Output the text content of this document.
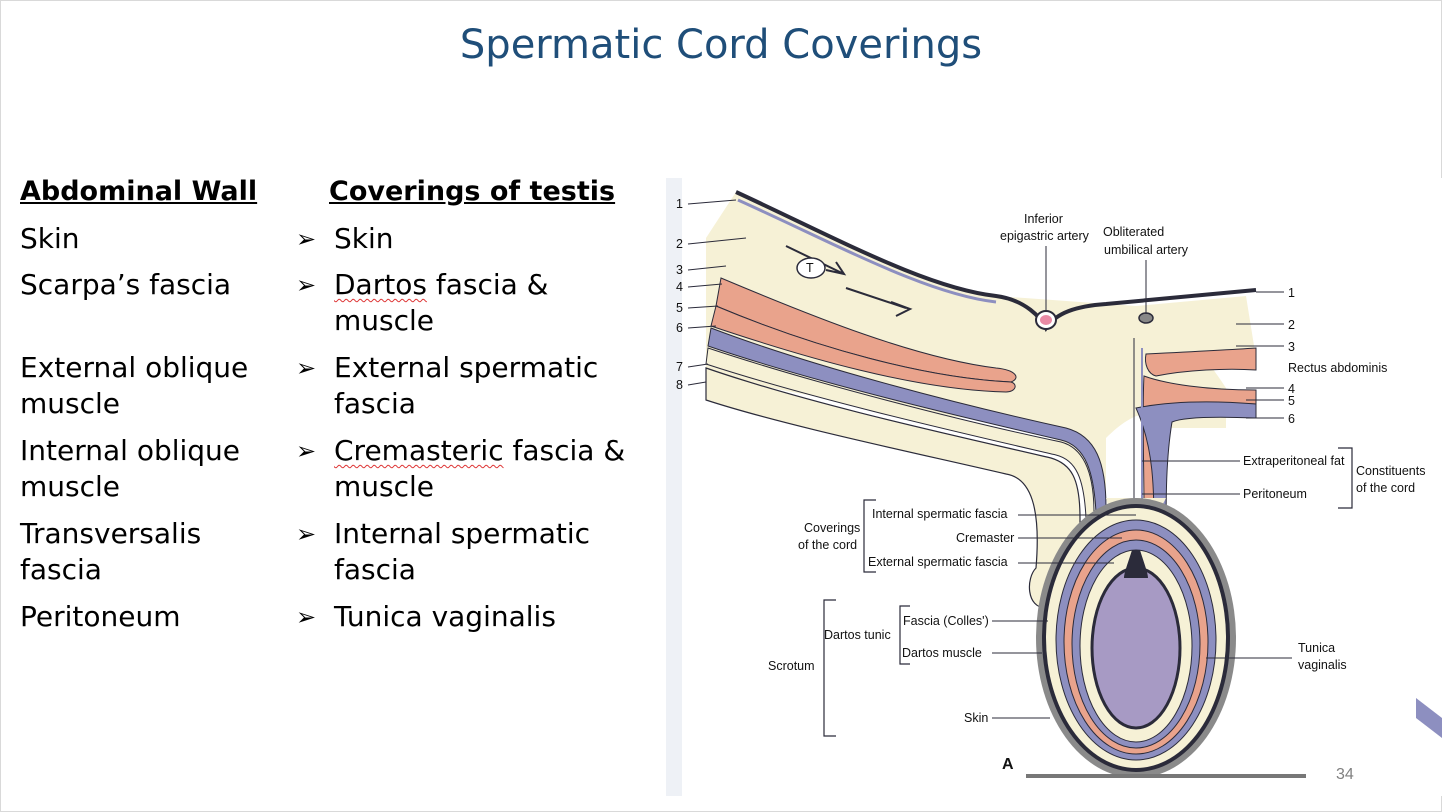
Spermatic Cord Coverings
Abdominal Wall
Skin
Scarpa’s fascia
External oblique
muscle
Internal oblique
muscle
Transversalis
fascia
Peritoneum
Coverings of testis
➢ Skin
➢ Dartos fascia &
muscle
➢ External spermatic
fascia
➢ Cremasteric fascia &
muscle
➢ Internal spermatic
fascia
➢ Tunica vaginalis
T
1
2
3
4
5
6
7
8
1
2
3
4
5
6
Inferior
epigastric artery Obliterated
umbilical artery
Rectus abdominis
Extraperitoneal fat
Peritoneum
Constituents
of the cord
Coverings
of the cord
Internal spermatic fascia
Cremaster
External spermatic fascia
Scrotum
Dartos tunic
Fascia (Colles')
Dartos muscle
Skin
Tunica
vaginalis
A
34
